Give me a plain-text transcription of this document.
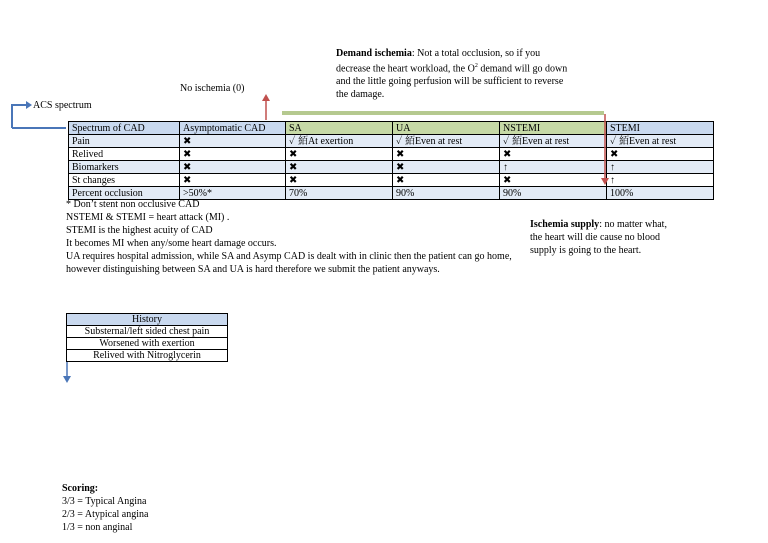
ACS spectrum
No ischemia (0)
Demand ischemia: Not a total occlusion, so if you decrease the heart workload, the $O^2$ demand will go down and the little going perfusion will be sufficient to reverse the damage.
Spectrum of CAD	Asymptomatic CAD	SA	UA	NSTEMI	STEMI
Pain	✖	✓ 絔At exertion	✓ 絔Even at rest	✓ 絔Even at rest	✓ 絔Even at rest
Relived	✖	✖	✖	✖	✖
Biomarkers	✖	✖	✖	↑	↑
St changes	✖	✖	✖	✖	↑
Percent occlusion	>50%*	70%	90%	90%	100%
* Don’t stent non occlusive CAD
NSTEMI & STEMI = heart attack (MI) .
STEMI is the highest acuity of CAD
It becomes MI when any/some heart damage occurs.
UA requires hospital admission, while SA and Asymp CAD is dealt with in clinic then the patient can go home, however distinguishing between SA and UA is hard therefore we submit the patient anyways.
Ischemia supply: no matter what, the heart will die cause no blood supply is going to the heart.
History
Substernal/left sided chest pain
Worsened with exertion
Relived with Nitroglycerin
Scoring:
3/3 = Typical Angina
2/3 = Atypical angina
1/3 = non anginal
